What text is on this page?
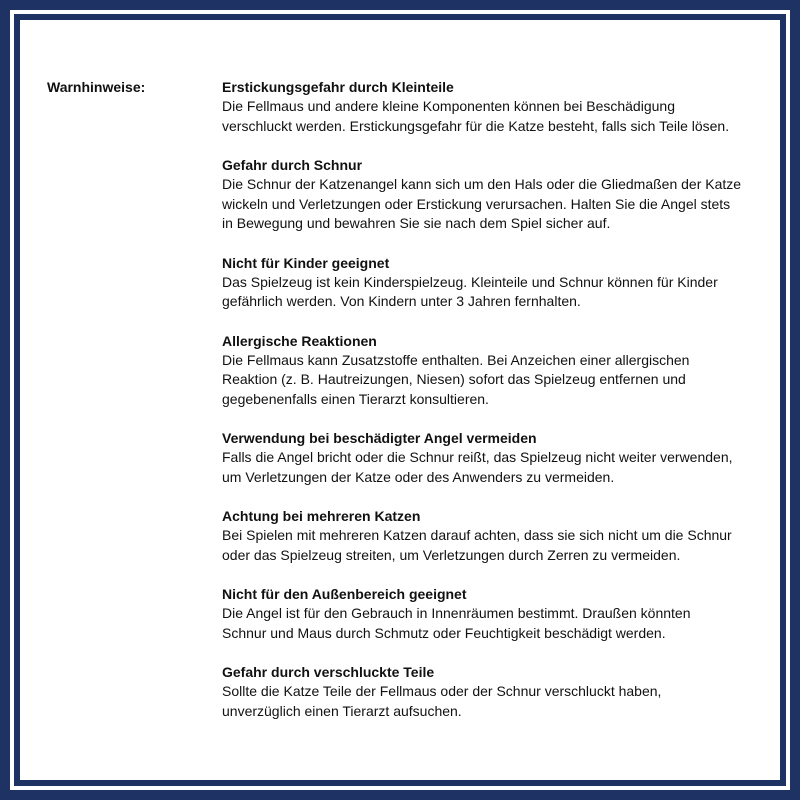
Warnhinweise:	Erstickungsgefahr durch Kleinteile

Die Fellmaus und andere kleine Komponenten können bei Beschädigung

verschluckt werden. Erstickungsgefahr für die Katze besteht, falls sich Teile lösen.

Gefahr durch Schnur

Die Schnur der Katzenangel kann sich um den Hals oder die Gliedmaßen der Katze

wickeln und Verletzungen oder Erstickung verursachen. Halten Sie die Angel stets

in Bewegung und bewahren Sie sie nach dem Spiel sicher auf.

Nicht für Kinder geeignet

Das Spielzeug ist kein Kinderspielzeug. Kleinteile und Schnur können für Kinder

gefährlich werden. Von Kindern unter 3 Jahren fernhalten.

Allergische Reaktionen

Die Fellmaus kann Zusatzstoffe enthalten. Bei Anzeichen einer allergischen

Reaktion (z. B. Hautreizungen, Niesen) sofort das Spielzeug entfernen und

gegebenenfalls einen Tierarzt konsultieren.

Verwendung bei beschädigter Angel vermeiden

Falls die Angel bricht oder die Schnur reißt, das Spielzeug nicht weiter verwenden,

um Verletzungen der Katze oder des Anwenders zu vermeiden.

Achtung bei mehreren Katzen

Bei Spielen mit mehreren Katzen darauf achten, dass sie sich nicht um die Schnur

oder das Spielzeug streiten, um Verletzungen durch Zerren zu vermeiden.

Nicht für den Außenbereich geeignet

Die Angel ist für den Gebrauch in Innenräumen bestimmt. Draußen könnten

Schnur und Maus durch Schmutz oder Feuchtigkeit beschädigt werden.

Gefahr durch verschluckte Teile

Sollte die Katze Teile der Fellmaus oder der Schnur verschluckt haben,

unverzüglich einen Tierarzt aufsuchen.
